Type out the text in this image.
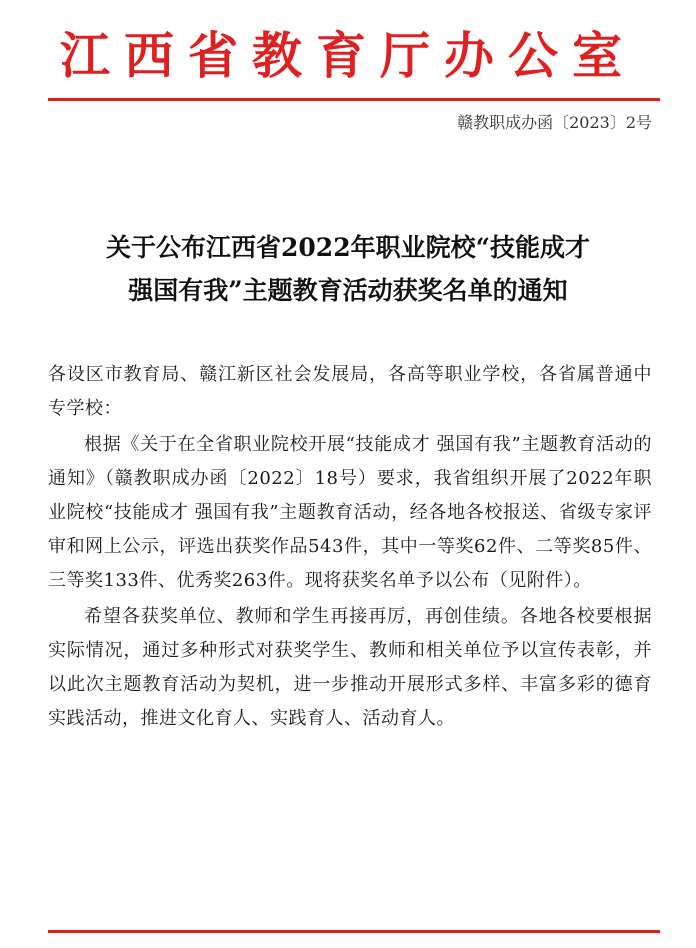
江西省教育厅办公室
赣教职成办函〔2023〕2号
关于公布江西省2022年职业院校“技能成才
强国有我”主题教育活动获奖名单的通知

各设区市教育局、赣江新区社会发展局，各高等职业学校，各省属普通中专学校：

根据《关于在全省职业院校开展“技能成才 强国有我”主题教育活动的通知》（赣教职成办函〔2022〕18号）要求，我省组织开展了2022年职业院校“技能成才 强国有我”主题教育活动，经各地各校报送、省级专家评审和网上公示，评选出获奖作品543件，其中一等奖62件、二等奖85件、三等奖133件、优秀奖263件。现将获奖名单予以公布（见附件）。

希望各获奖单位、教师和学生再接再厉，再创佳绩。各地各校要根据实际情况，通过多种形式对获奖学生、教师和相关单位予以宣传表彰，并以此次主题教育活动为契机，进一步推动开展形式多样、丰富多彩的德育实践活动，推进文化育人、实践育人、活动育人。
